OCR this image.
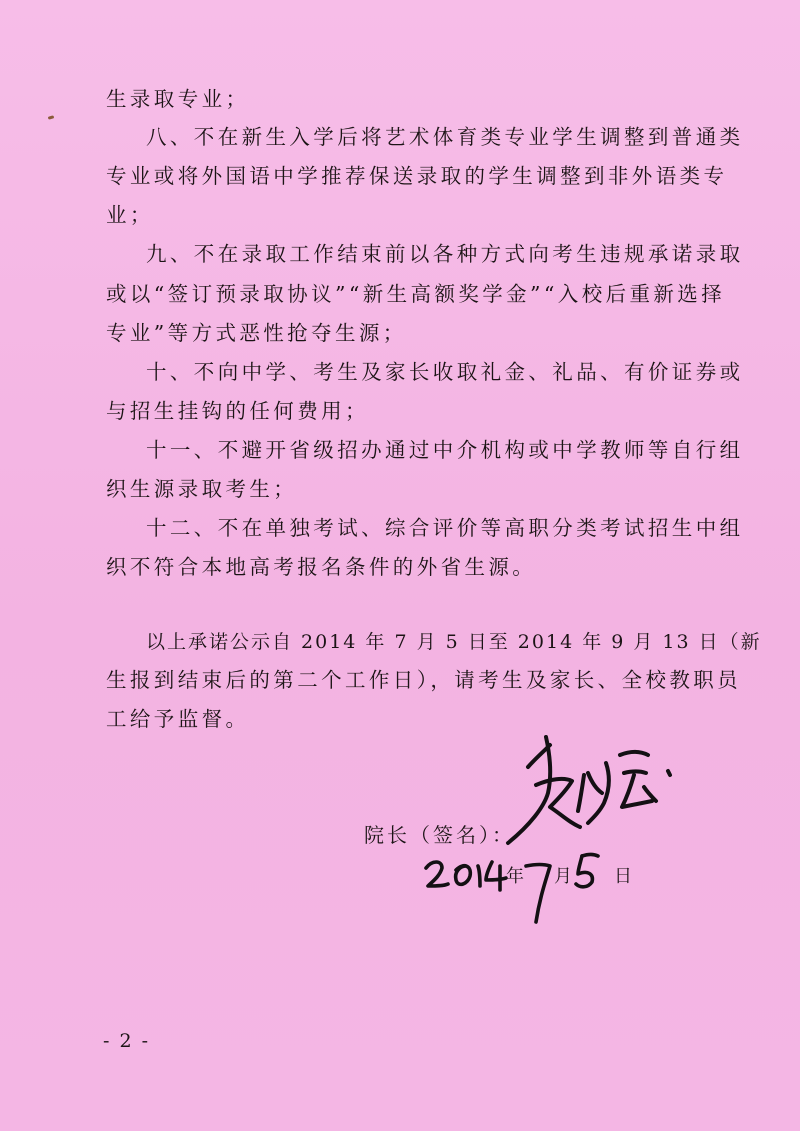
生录取专业；
八、不在新生入学后将艺术体育类专业学生调整到普通类
专业或将外国语中学推荐保送录取的学生调整到非外语类专
业；
九、不在录取工作结束前以各种方式向考生违规承诺录取
或以“签订预录取协议”“新生高额奖学金”“入校后重新选择
专业”等方式恶性抢夺生源；
十、不向中学、考生及家长收取礼金、礼品、有价证券或
与招生挂钩的任何费用；
十一、不避开省级招办通过中介机构或中学教师等自行组
织生源录取考生；
十二、不在单独考试、综合评价等高职分类考试招生中组
织不符合本地高考报名条件的外省生源。
以上承诺公示自 2014 年 7 月 5 日至 2014 年 9 月 13 日（新
生报到结束后的第二个工作日），请考生及家长、全校教职员
工给予监督。
院长（签名）：
年 月 日
- 2 -
